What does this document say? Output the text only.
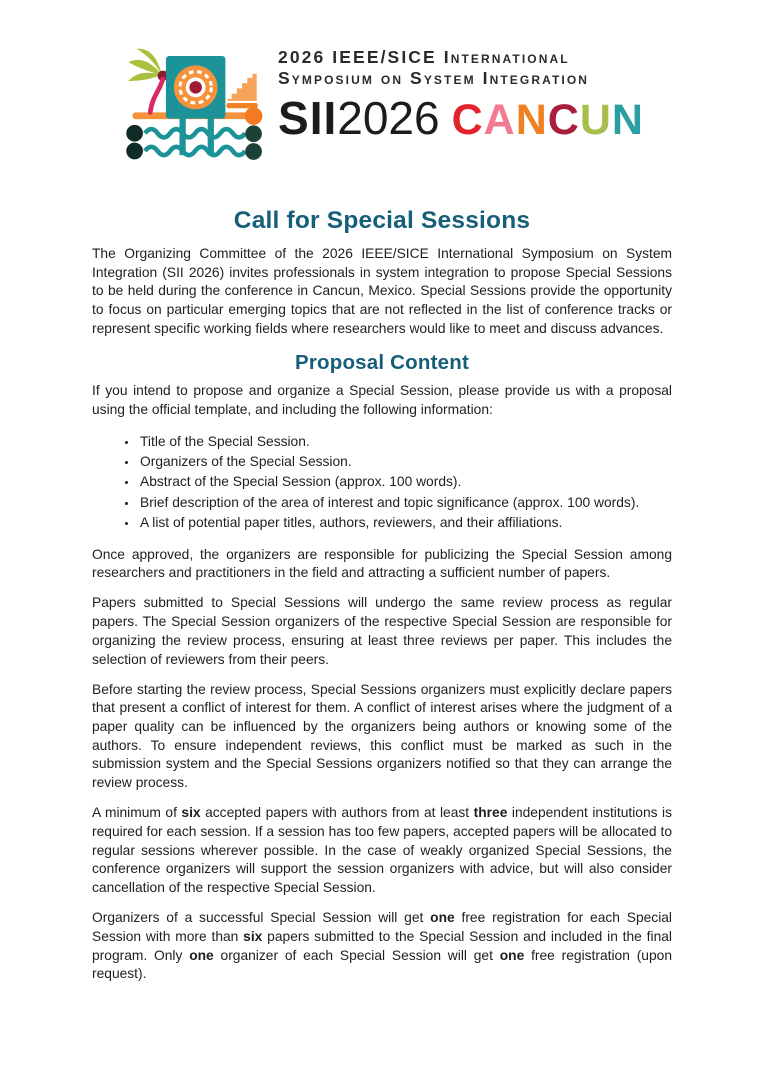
2026 IEEE/SICE International
Symposium on System Integration
SII 2026 CANCUN
Call for Special Sessions

The Organizing Committee of the 2026 IEEE/SICE International Symposium on System Integration (SII 2026) invites professionals in system integration to propose Special Sessions to be held during the conference in Cancun, Mexico. Special Sessions provide the opportunity to focus on particular emerging topics that are not reflected in the list of conference tracks or represent specific working fields where researchers would like to meet and discuss advances.

Proposal Content

If you intend to propose and organize a Special Session, please provide us with a proposal using the official template, and including the following information:

• Title of the Special Session.
• Organizers of the Special Session.
• Abstract of the Special Session (approx. 100 words).
• Brief description of the area of interest and topic significance (approx. 100 words).
• A list of potential paper titles, authors, reviewers, and their affiliations.

Once approved, the organizers are responsible for publicizing the Special Session among researchers and practitioners in the field and attracting a sufficient number of papers.

Papers submitted to Special Sessions will undergo the same review process as regular papers. The Special Session organizers of the respective Special Session are responsible for organizing the review process, ensuring at least three reviews per paper. This includes the selection of reviewers from their peers.

Before starting the review process, Special Sessions organizers must explicitly declare papers that present a conflict of interest for them. A conflict of interest arises where the judgment of a paper quality can be influenced by the organizers being authors or knowing some of the authors. To ensure independent reviews, this conflict must be marked as such in the submission system and the Special Sessions organizers notified so that they can arrange the review process.

A minimum of six accepted papers with authors from at least three independent institutions is required for each session. If a session has too few papers, accepted papers will be allocated to regular sessions wherever possible. In the case of weakly organized Special Sessions, the conference organizers will support the session organizers with advice, but will also consider cancellation of the respective Special Session.

Organizers of a successful Special Session will get one free registration for each Special Session with more than six papers submitted to the Special Session and included in the final program. Only one organizer of each Special Session will get one free registration (upon request).
